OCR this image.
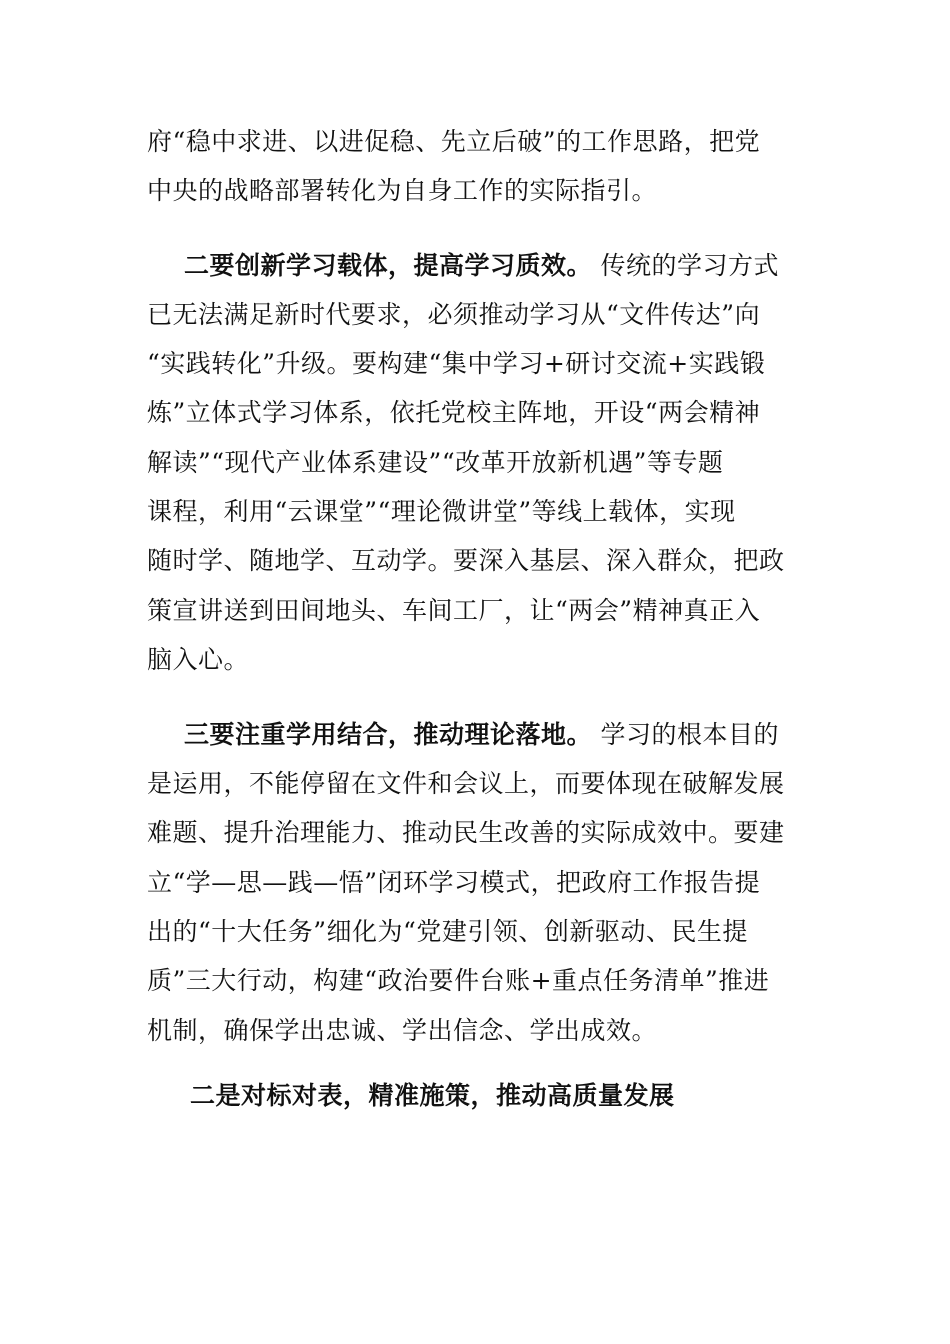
府“稳中求进、以进促稳、先立后破”的工作思路，把党
中央的战略部署转化为自身工作的实际指引。
二要创新学习载体，提高学习质效。 传统的学习方式
已无法满足新时代要求，必须推动学习从“文件传达”向
“实践转化”升级。要构建“集中学习+研讨交流+实践锻
炼”立体式学习体系，依托党校主阵地，开设“两会精神
解读”“现代产业体系建设”“改革开放新机遇”等专题
课程，利用“云课堂”“理论微讲堂”等线上载体，实现
随时学、随地学、互动学。要深入基层、深入群众，把政
策宣讲送到田间地头、车间工厂，让“两会”精神真正入
脑入心。
三要注重学用结合，推动理论落地。 学习的根本目的
是运用，不能停留在文件和会议上，而要体现在破解发展
难题、提升治理能力、推动民生改善的实际成效中。要建
立“学—思—践—悟”闭环学习模式，把政府工作报告提
出的“十大任务”细化为“党建引领、创新驱动、民生提
质”三大行动，构建“政治要件台账+重点任务清单”推进
机制，确保学出忠诚、学出信念、学出成效。
二是对标对表，精准施策，推动高质量发展
